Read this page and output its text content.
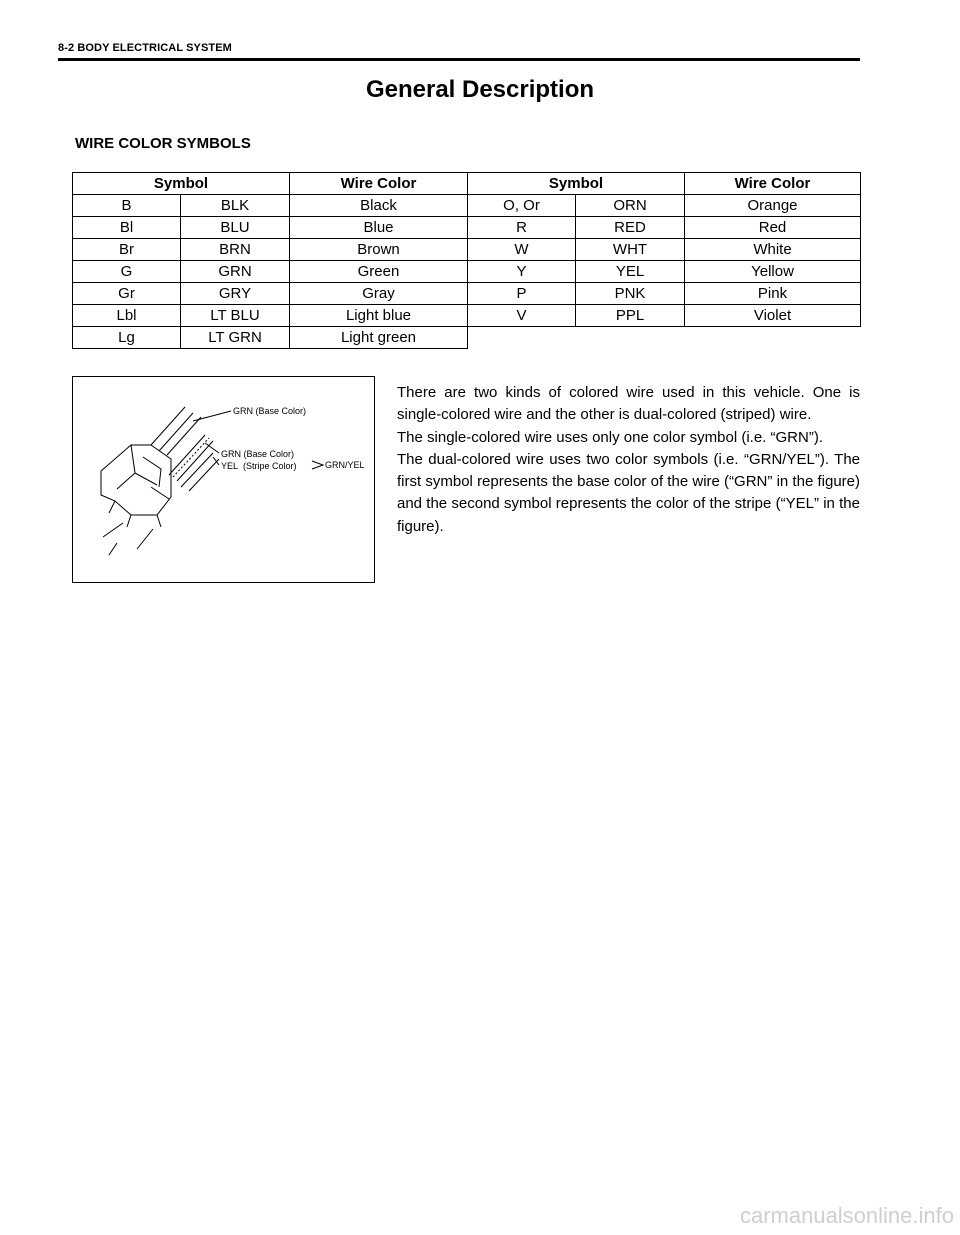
8-2 BODY ELECTRICAL SYSTEM
General Description
WIRE COLOR SYMBOLS
Symbol		Wire Color	Symbol		Wire Color
B	BLK	Black	O, Or	ORN	Orange
Bl	BLU	Blue	R	RED	Red
Br	BRN	Brown	W	WHT	White
G	GRN	Green	Y	YEL	Yellow
Gr	GRY	Gray	P	PNK	Pink
Lbl	LT BLU	Light blue	V	PPL	Violet
Lg	LT GRN	Light green			
GRN (Base Color)
GRN (Base Color)
YEL (Stripe Color)	GRN/YEL

There are two kinds of colored wire used in this vehicle. One is single-colored wire and the other is dual-colored (striped) wire.

The single-colored wire uses only one color symbol (i.e. “GRN”).

The dual-colored wire uses two color symbols (i.e. “GRN/YEL”). The first symbol represents the base color of the wire (“GRN” in the figure) and the second symbol represents the color of the stripe (“YEL” in the figure).

carmanualsonline.info
